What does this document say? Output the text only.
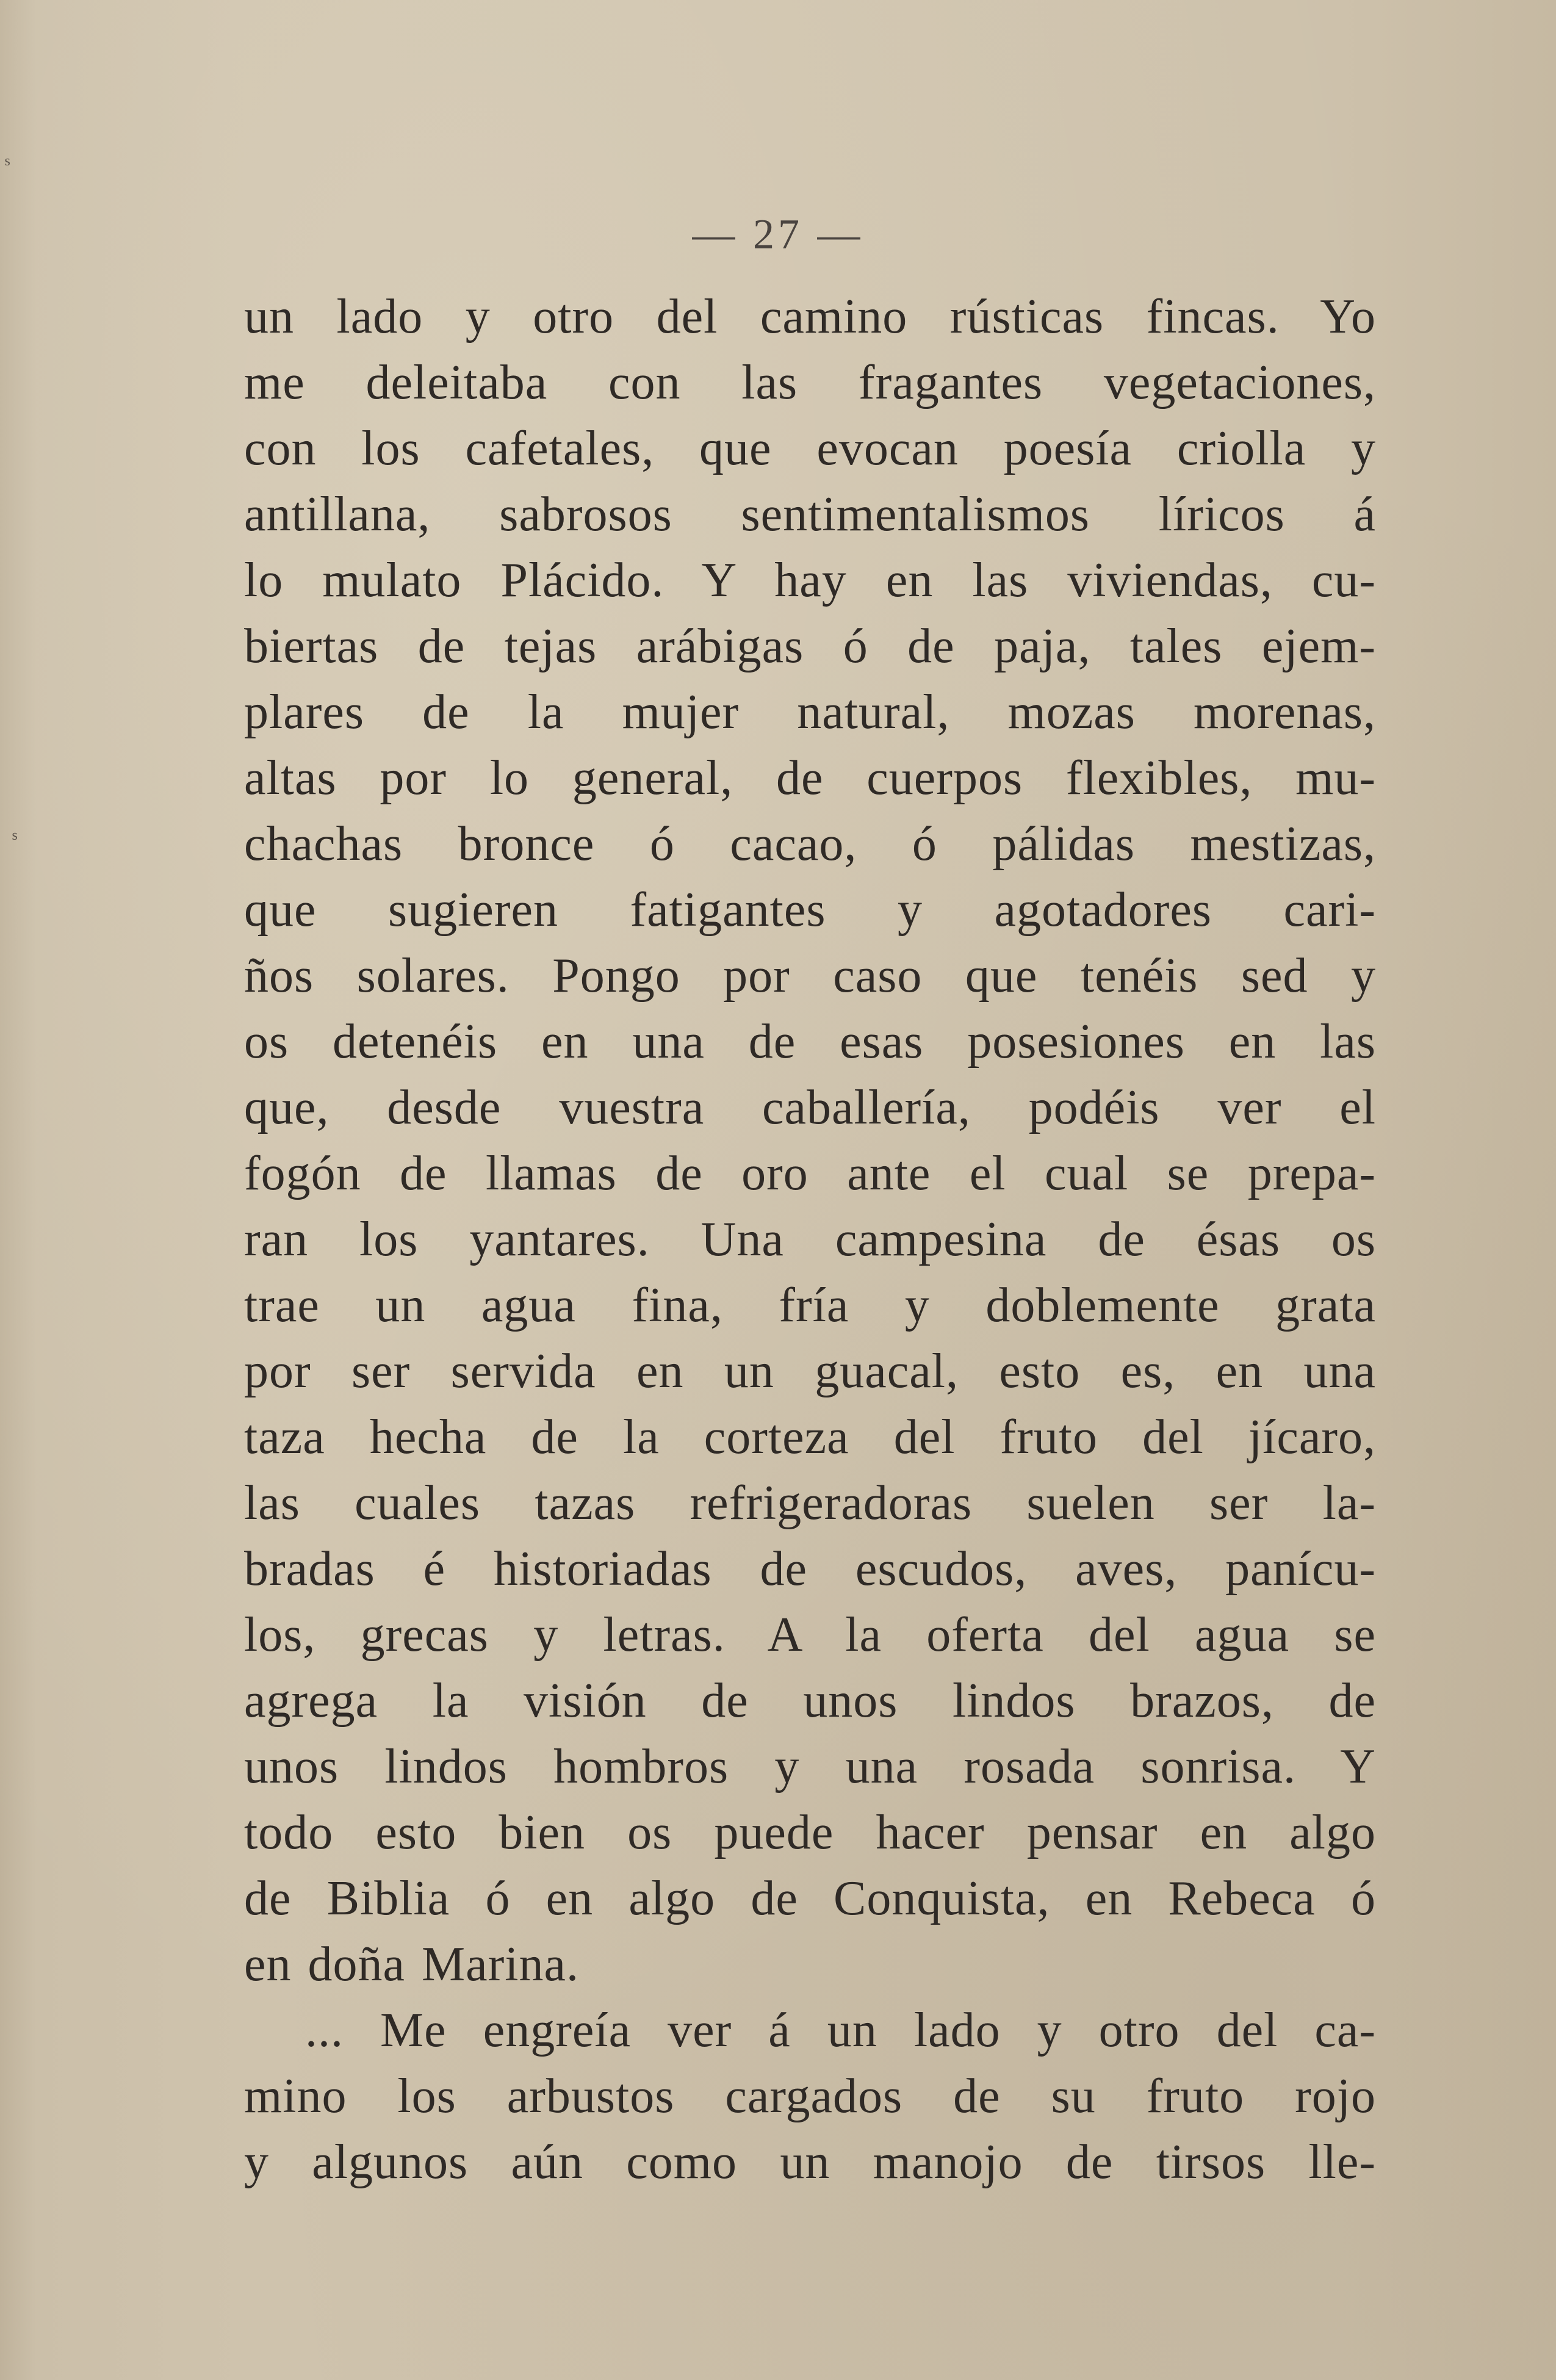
ˢ
ˢ
— 27 —
un lado y otro del camino rústicas fincas. Yo
me deleitaba con las fragantes vegetaciones,
con los cafetales, que evocan poesía criolla y
antillana, sabrosos sentimentalismos líricos á
lo mulato Plácido. Y hay en las viviendas, cu-
biertas de tejas arábigas ó de paja, tales ejem-
plares de la mujer natural, mozas morenas,
altas por lo general, de cuerpos flexibles, mu-
chachas bronce ó cacao, ó pálidas mestizas,
que sugieren fatigantes y agotadores cari-
ños solares. Pongo por caso que tenéis sed y
os detenéis en una de esas posesiones en las
que, desde vuestra caballería, podéis ver el
fogón de llamas de oro ante el cual se prepa-
ran los yantares. Una campesina de ésas os
trae un agua fina, fría y doblemente grata
por ser servida en un guacal, esto es, en una
taza hecha de la corteza del fruto del jícaro,
las cuales tazas refrigeradoras suelen ser la-
bradas é historiadas de escudos, aves, panícu-
los, grecas y letras. A la oferta del agua se
agrega la visión de unos lindos brazos, de
unos lindos hombros y una rosada sonrisa. Y
todo esto bien os puede hacer pensar en algo
de Biblia ó en algo de Conquista, en Rebeca ó
en doña Marina.
... Me engreía ver á un lado y otro del ca-
mino los arbustos cargados de su fruto rojo
y algunos aún como un manojo de tirsos lle-
